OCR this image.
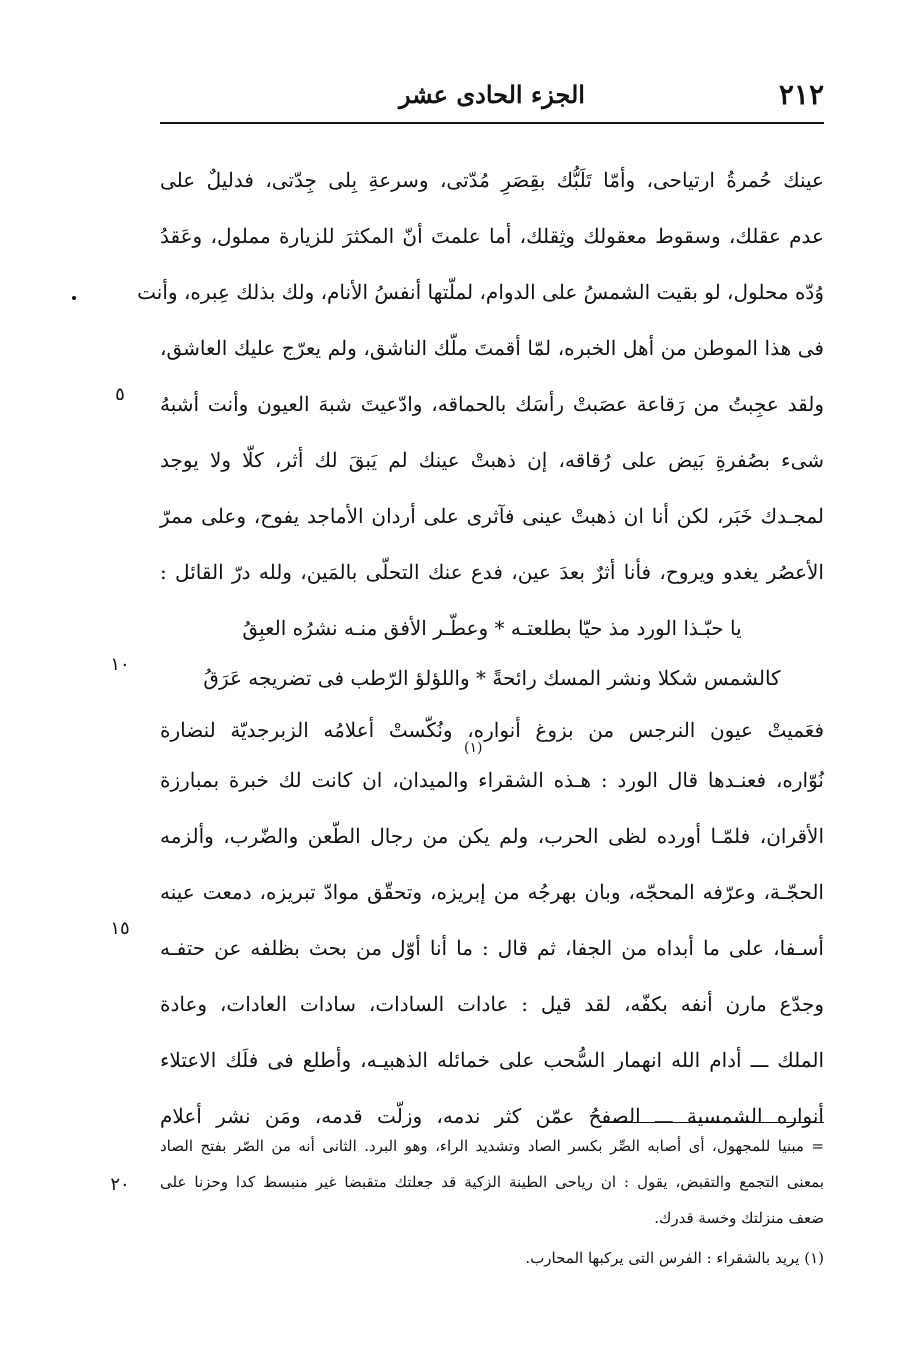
٢١٢
الجزء الحادى عشر
عينك حُمرةُ ارتياحى، وأمّا تَلَبُّك بقِصَرِ مُدّتى، وسرعةِ بِلى جِدّتى، فدليلٌ على
عدم عقلك، وسقوط معقولك وثِقلك، أما علمتَ أنّ المكثرَ للزيارة مملول، وعَقدُ
وُدّه محلول، لو بقيت الشمسُ على الدوام، لملّتها أنفسُ الأنام، ولك بذلك عِبره، وأنت
فى هذا الموطن من أهل الخبره، لمّا أقمتَ ملّك الناشق، ولم يعرّج عليك العاشق،
ولقد عجِبتُ من رَقاعة عصَبتْ رأسَك بالحماقه، وادّعيتَ شبهَ العيون وأنت أشبهُ
شىء بصُفرةِ بَيض على رُقاقه، إن ذهبتْ عينك لم يَبقَ لك أثر، كلّا ولا يوجد
لمجـدك خَبَر، لكن أنا ان ذهبتْ عينى فآثرى على أردان الأماجد يفوح، وعلى ممرّ
الأعصُر يغدو ويروح، فأنا أثرٌ بعدَ عين، فدع عنك التحلّى بالمَين، ولله درّ القائل :
يا حبّـذا الورد مذ حيّا بطلعتـه * وعطّـر الأفق منـه نشرُه العبِقُ
كالشمس شكلا ونشر المسك رائحةً * واللؤلؤ الرّطب فى تضريجه عَرَقُ
فعَميتْ عيون النرجس من بزوغ أنواره، ونُكّستْ أعلامُه الزبرجديّة لنضارة
(١)
نُوّاره، فعنـدها قال الورد : هـذه الشقراء والميدان، ان كانت لك خبرة بمبارزة
الأقران، فلمّـا أورده لظى الحرب، ولم يكن من رجال الطّعن والضّرب، وألزمه
الحجّـة، وعرّفه المحجّه، وبان بهرجُه من إبريزه، وتحقّق موادّ تبريزه، دمعت عينه
أسـفا، على ما أبداه من الجفا، ثم قال : ما أنا أوّل من بحث بظلفه عن حتفـه
وجدّع مارن أنفه بكفّه، لقد قيل : عادات السادات، سادات العادات، وعادة
الملك ـــ أدام الله انهمار السُّحب على خمائله الذهبيـه، وأطلع فى فلَك الاعتلاء
أنواره الشمسية ـــ الصفحُ عمّن كثر ندمه، وزلّت قدمه، ومَن نشر أعلام
٥
١٠
١٥
٢٠
= مبنيا للمجهول، أى أصابه الصِّر بكسر الصاد وتشديد الراء، وهو البرد. الثانى أنه من الصّر بفتح الصاد
بمعنى التجمع والتقبض، يقول : ان رياحى الطينة الزكية قد جعلتك متقبضا غير منبسط كدا وحزنا على
ضعف منزلتك وخسة قدرك.
(١) يريد بالشقراء : الفرس التى يركبها المحارب.
